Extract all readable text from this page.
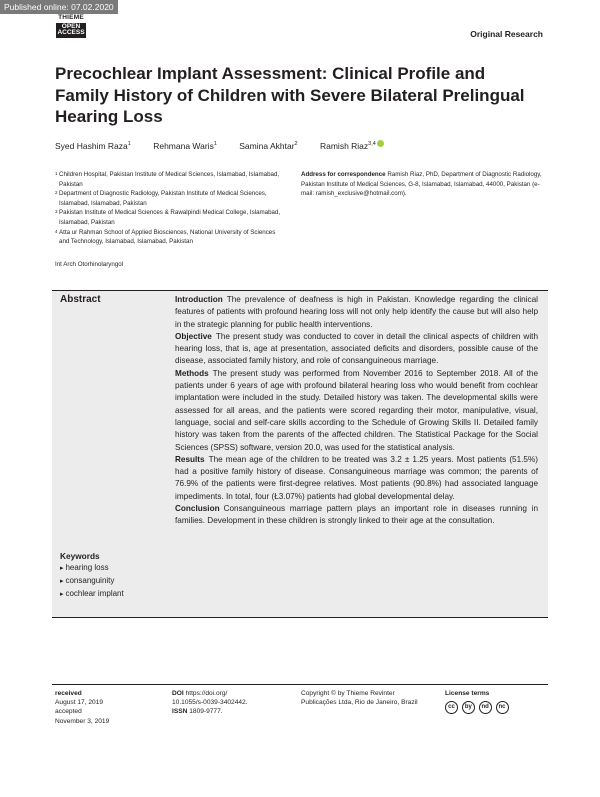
Published online: 07.02.2020
THIEME
OPEN
ACCESS	Original Research
Precochlear Implant Assessment: Clinical Profile and Family History of Children with Severe Bilateral Prelingual Hearing Loss
Syed Hashim Raza$^1$	Rehmana Waris$^1$	Samina Akhtar$^2$	Ramish Riaz$^{3,4}$
1 Children Hospital, Pakistan Institute of Medical Sciences, Islamabad, Islamabad, Pakistan
2 Department of Diagnostic Radiology, Pakistan Institute of Medical Sciences, Islamabad, Islamabad, Pakistan
3 Pakistan Institute of Medical Sciences & Rawalpindi Medical College, Islamabad, Islamabad, Pakistan
4 Atta ur Rahman School of Applied Biosciences, National University of Sciences and Technology, Islamabad, Islamabad, Pakistan
Address for correspondence Ramish Riaz, PhD, Department of Diagnostic Radiology, Pakistan Institute of Medical Sciences, G-8, Islamabad, Islamabad, 44000, Pakistan (e-mail: ramish_exclusive@hotmail.com).
Int Arch Otorhinolaryngol
Abstract	Introduction The prevalence of deafness is high in Pakistan. Knowledge regarding the clinical features of patients with profound hearing loss will not only help identify the cause but will also help in the strategic planning for public health interventions.

Objective The present study was conducted to cover in detail the clinical aspects of children with hearing loss, that is, age at presentation, associated deficits and disorders, possible cause of the disease, associated family history, and role of consanguineous marriage.

Methods The present study was performed from November 2016 to September 2018. All of the patients under 6 years of age with profound bilateral hearing loss who would benefit from cochlear implantation were included in the study. Detailed history was taken. The developmental skills were assessed for all areas, and the patients were scored regarding their motor, manipulative, visual, language, social and self-care skills according to the Schedule of Growing Skills II. Detailed family history was taken from the parents of the affected children. The Statistical Package for the Social Sciences (SPSS) software, version 20.0, was used for the statistical analysis.

Results The mean age of the children to be treated was 3.2 ± 1.25 years. Most patients (51.5%) had a positive family history of disease. Consanguineous marriage was common; the parents of 76.9% of the patients were first-degree relatives. Most patients (90.8%) had associated language impediments. In total, four (Ł3.07%) patients had global developmental delay.

Conclusion Consanguineous marriage pattern plays an important role in diseases running in families. Development in these children is strongly linked to their age at the consultation.

Keywords
▸ hearing loss
▸ consanguinity
▸ cochlear implant
received
August 17, 2019
accepted
November 3, 2019
DOI https://doi.org/
10.1055/s-0039-3402442.
ISSN 1809-9777.
Copyright © by Thieme Revinter
Publicações Ltda, Rio de Janeiro, Brazil
License terms
cc by nd nc
